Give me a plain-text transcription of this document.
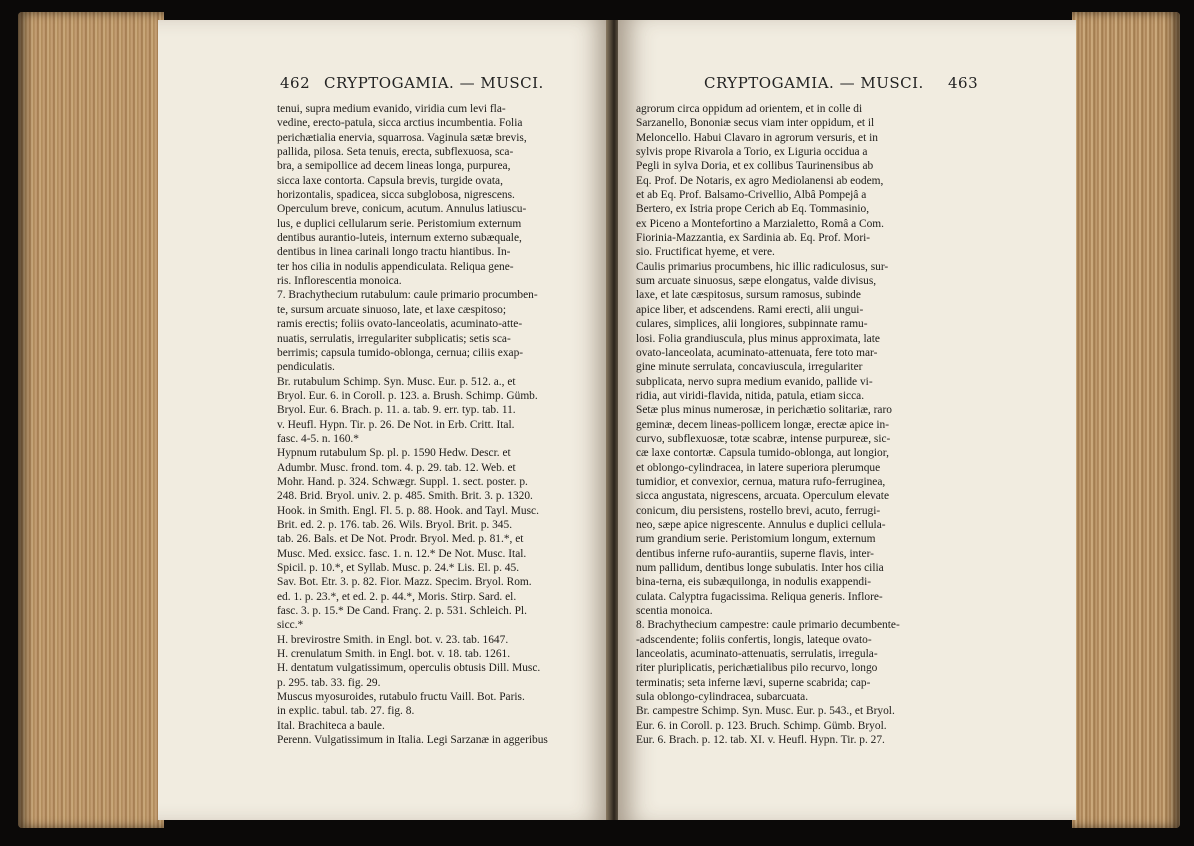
462 CRYPTOGAMIA. — MUSCI.
tenui, supra medium evanido, viridia cum levi fla-
vedine, erecto-patula, sicca arctius incumbentia. Folia
perichætialia enervia, squarrosa. Vaginula sætæ brevis,
pallida, pilosa. Seta tenuis, erecta, subflexuosa, sca-
bra, a semipollice ad decem lineas longa, purpurea,
sicca laxe contorta. Capsula brevis, turgide ovata,
horizontalis, spadicea, sicca subglobosa, nigrescens.
Operculum breve, conicum, acutum. Annulus latiuscu-
lus, e duplici cellularum serie. Peristomium externum
dentibus aurantio-luteis, internum externo subæquale,
dentibus in linea carinali longo tractu hiantibus. In-
ter hos cilia in nodulis appendiculata. Reliqua gene-
ris. Inflorescentia monoica.
7. Brachythecium rutabulum: caule primario procumben-
te, sursum arcuate sinuoso, late, et laxe cæspitoso;
ramis erectis; foliis ovato-lanceolatis, acuminato-atte-
nuatis, serrulatis, irregulariter subplicatis; setis sca-
berrimis; capsula tumido-oblonga, cernua; ciliis exap-
pendiculatis.
Br. rutabulum Schimp. Syn. Musc. Eur. p. 512. a., et
Bryol. Eur. 6. in Coroll. p. 123. a. Brush. Schimp. Gümb.
Bryol. Eur. 6. Brach. p. 11. a. tab. 9. err. typ. tab. 11.
v. Heufl. Hypn. Tir. p. 26. De Not. in Erb. Critt. Ital.
fasc. 4-5. n. 160.*
Hypnum rutabulum Sp. pl. p. 1590 Hedw. Descr. et
Adumbr. Musc. frond. tom. 4. p. 29. tab. 12. Web. et
Mohr. Hand. p. 324. Schwægr. Suppl. 1. sect. poster. p.
248. Brid. Bryol. univ. 2. p. 485. Smith. Brit. 3. p. 1320.
Hook. in Smith. Engl. Fl. 5. p. 88. Hook. and Tayl. Musc.
Brit. ed. 2. p. 176. tab. 26. Wils. Bryol. Brit. p. 345.
tab. 26. Bals. et De Not. Prodr. Bryol. Med. p. 81.*, et
Musc. Med. exsicc. fasc. 1. n. 12.* De Not. Musc. Ital.
Spicil. p. 10.*, et Syllab. Musc. p. 24.* Lis. El. p. 45.
Sav. Bot. Etr. 3. p. 82. Fior. Mazz. Specim. Bryol. Rom.
ed. 1. p. 23.*, et ed. 2. p. 44.*, Moris. Stirp. Sard. el.
fasc. 3. p. 15.* De Cand. Franç. 2. p. 531. Schleich. Pl.
sicc.*
H. brevirostre Smith. in Engl. bot. v. 23. tab. 1647.
H. crenulatum Smith. in Engl. bot. v. 18. tab. 1261.
H. dentatum vulgatissimum, operculis obtusis Dill. Musc.
p. 295. tab. 33. fig. 29.
Muscus myosuroides, rutabulo fructu Vaill. Bot. Paris.
in explic. tabul. tab. 27. fig. 8.
Ital. Brachiteca a baule.
Perenn. Vulgatissimum in Italia. Legi Sarzanæ in aggeribus
CRYPTOGAMIA. — MUSCI. 463
agrorum circa oppidum ad orientem, et in colle di
Sarzanello, Bononiæ secus viam inter oppidum, et il
Meloncello. Habui Clavaro in agrorum versuris, et in
sylvis prope Rivarola a Torio, ex Liguria occidua a
Pegli in sylva Doria, et ex collibus Taurinensibus ab
Eq. Prof. De Notaris, ex agro Mediolanensi ab eodem,
et ab Eq. Prof. Balsamo-Crivellio, Albâ Pompejâ a
Bertero, ex Istria prope Cerich ab Eq. Tommasinio,
ex Piceno a Montefortino a Marzialetto, Româ a Com.
Fiorinia-Mazzantia, ex Sardinia ab. Eq. Prof. Mori-
sio. Fructificat hyeme, et vere.
Caulis primarius procumbens, hic illic radiculosus, sur-
sum arcuate sinuosus, sæpe elongatus, valde divisus,
laxe, et late cæspitosus, sursum ramosus, subinde
apice liber, et adscendens. Rami erecti, alii ungui-
culares, simplices, alii longiores, subpinnate ramu-
losi. Folia grandiuscula, plus minus approximata, late
ovato-lanceolata, acuminato-attenuata, fere toto mar-
gine minute serrulata, concaviuscula, irregulariter
subplicata, nervo supra medium evanido, pallide vi-
ridia, aut viridi-flavida, nitida, patula, etiam sicca.
Setæ plus minus numerosæ, in perichætio solitariæ, raro
geminæ, decem lineas-pollicem longæ, erectæ apice in-
curvo, subflexuosæ, totæ scabræ, intense purpureæ, sic-
cæ laxe contortæ. Capsula tumido-oblonga, aut longior,
et oblongo-cylindracea, in latere superiora plerumque
tumidior, et convexior, cernua, matura rufo-ferruginea,
sicca angustata, nigrescens, arcuata. Operculum elevate
conicum, diu persistens, rostello brevi, acuto, ferrugi-
neo, sæpe apice nigrescente. Annulus e duplici cellula-
rum grandium serie. Peristomium longum, externum
dentibus inferne rufo-aurantiis, superne flavis, inter-
num pallidum, dentibus longe subulatis. Inter hos cilia
bina-terna, eis subæquilonga, in nodulis exappendi-
culata. Calyptra fugacissima. Reliqua generis. Inflore-
scentia monoica.
8. Brachythecium campestre: caule primario decumbente-
-adscendente; foliis confertis, longis, lateque ovato-
lanceolatis, acuminato-attenuatis, serrulatis, irregula-
riter pluriplicatis, perichætialibus pilo recurvo, longo
terminatis; seta inferne lævi, superne scabrida; cap-
sula oblongo-cylindracea, subarcuata.
Br. campestre Schimp. Syn. Musc. Eur. p. 543., et Bryol.
Eur. 6. in Coroll. p. 123. Bruch. Schimp. Gümb. Bryol.
Eur. 6. Brach. p. 12. tab. XI. v. Heufl. Hypn. Tir. p. 27.
